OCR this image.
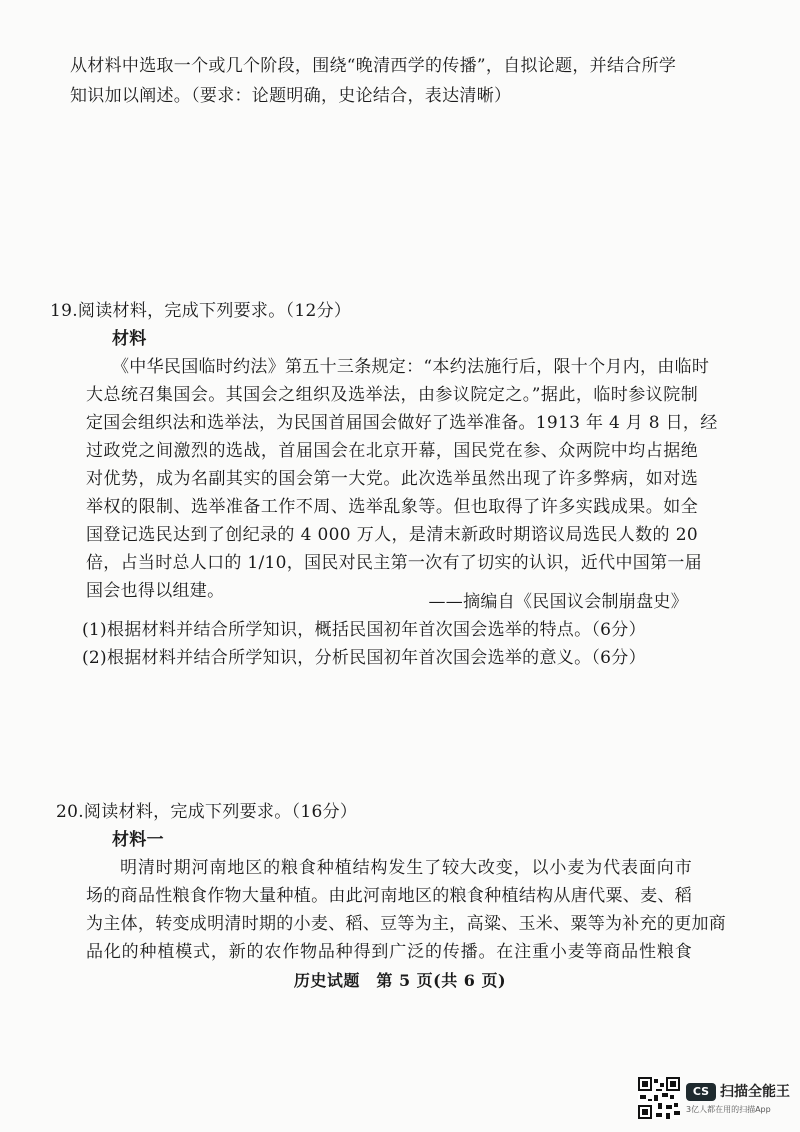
从材料中选取一个或几个阶段，围绕“晚清西学的传播”，自拟论题，并结合所学
知识加以阐述。（要求：论题明确，史论结合，表达清晰）
19.阅读材料，完成下列要求。（12分）
材料
《中华民国临时约法》第五十三条规定：“本约法施行后，限十个月内，由临时
大总统召集国会。其国会之组织及选举法，由参议院定之。”据此，临时参议院制
定国会组织法和选举法，为民国首届国会做好了选举准备。1913 年 4 月 8 日，经
过政党之间激烈的选战，首届国会在北京开幕，国民党在参、众两院中均占据绝
对优势，成为名副其实的国会第一大党。此次选举虽然出现了许多弊病，如对选
举权的限制、选举准备工作不周、选举乱象等。但也取得了许多实践成果。如全
国登记选民达到了创纪录的 4 000 万人，是清末新政时期谘议局选民人数的 20
倍，占当时总人口的 1/10，国民对民主第一次有了切实的认识，近代中国第一届
国会也得以组建。
——摘编自《民国议会制崩盘史》
(1)根据材料并结合所学知识，概括民国初年首次国会选举的特点。（6分）
(2)根据材料并结合所学知识，分析民国初年首次国会选举的意义。（6分）
20.阅读材料，完成下列要求。（16分）
材料一
明清时期河南地区的粮食种植结构发生了较大改变，以小麦为代表面向市
场的商品性粮食作物大量种植。由此河南地区的粮食种植结构从唐代粟、麦、稻
为主体，转变成明清时期的小麦、稻、豆等为主，高粱、玉米、粟等为补充的更加商
品化的种植模式，新的农作物品种得到广泛的传播。在注重小麦等商品性粮食
历史试题　第 5 页(共 6 页)
CS 扫描全能王
3亿人都在用的扫描App
